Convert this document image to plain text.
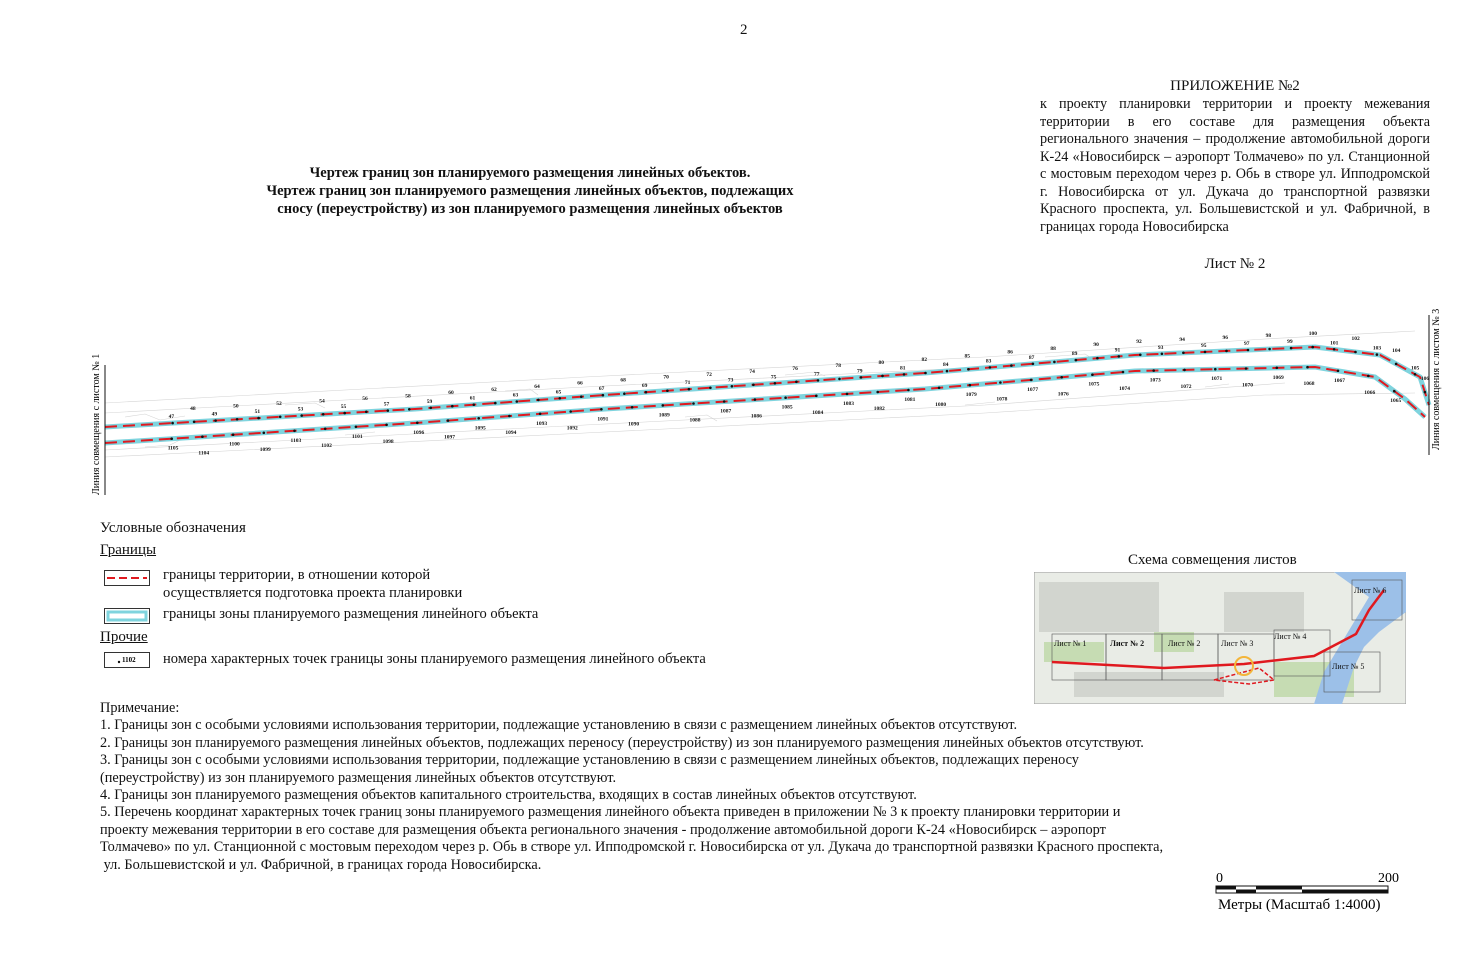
2
ПРИЛОЖЕНИЕ №2
к проекту планировки территории и проекту межевания территории в его составе для размещения объекта регионального значения – продолжение автомобильной дороги К-24 «Новосибирск – аэропорт Толмачево» по ул. Станционной с мостовым переходом через р. Обь в створе ул. Ипподромской г. Новосибирска от ул. Дукача до транспортной развязки Красного проспекта, ул. Большевистской и ул. Фабричной, в границах города Новосибирска
Лист № 2
Чертеж границ зон планируемого размещения линейных объектов.
Чертеж границ зон планируемого размещения линейных объектов, подлежащих
сносу (переустройству) из зон планируемого размещения линейных объектов
47
48
49
50
51
52
53
54
55
56
57
58
59
60
61
62
63
64
65
66
67
68
69
70
71
72
73
74
75
76
77
78
79
80
81
82
84
85
83
86
87
88
89
90
91
92
93
94
95
96
97
98
99
100
101
102
103 104
105
106
1105
1104
1100
1099
1103
1102
1101
1098
1096
1097
1095
1094
1093
1092
1091
1090
1089
1088
1087
1086
1085
1084
1083
1082
1081
1080
1079
1078
1077
1076
1075
1074
1073
1072
1071
1070
1069
1068
1067
1066
1065
Линия совмещения с листом № 1	Линия совмещения с листом № 3
Условные обозначения
Границы
границы территории, в отношении которой
осуществляется подготовка проекта планировки
границы зоны планируемого размещения линейного объекта
Прочие
1102 номера характерных точек границы зоны планируемого размещения линейного объекта
Примечание:
1. Границы зон с особыми условиями использования территории, подлежащие установлению в связи с размещением линейных объектов отсутствуют.
2. Границы зон планируемого размещения линейных объектов, подлежащих переносу (переустройству) из зон планируемого размещения линейных объектов отсутствуют.
3. Границы зон с особыми условиями использования территории, подлежащие установлению в связи с размещением линейных объектов, подлежащих переносу
(переустройству) из зон планируемого размещения линейных объектов отсутствуют.
4. Границы зон планируемого размещения объектов капитального строительства, входящих в состав линейных объектов отсутствуют.
5. Перечень координат характерных точек границ зоны планируемого размещения линейного объекта приведен в приложении № 3 к проекту планировки территории и
проекту межевания территории в его составе для размещения объекта регионального значения - продолжение автомобильной дороги К-24 «Новосибирск – аэропорт
Толмачево» по ул. Станционной с мостовым переходом через р. Обь в створе ул. Ипподромской г. Новосибирска от ул. Дукача до транспортной развязки Красного проспекта,
ул. Большевистской и ул. Фабричной, в границах города Новосибирска.
Схема совмещения листов
Лист № 1	Лист № 2	Лист № 2	Лист № 3
Лист № 4
Лист № 5
Лист № 6
0	200
Метры (Масштаб 1:4000)
